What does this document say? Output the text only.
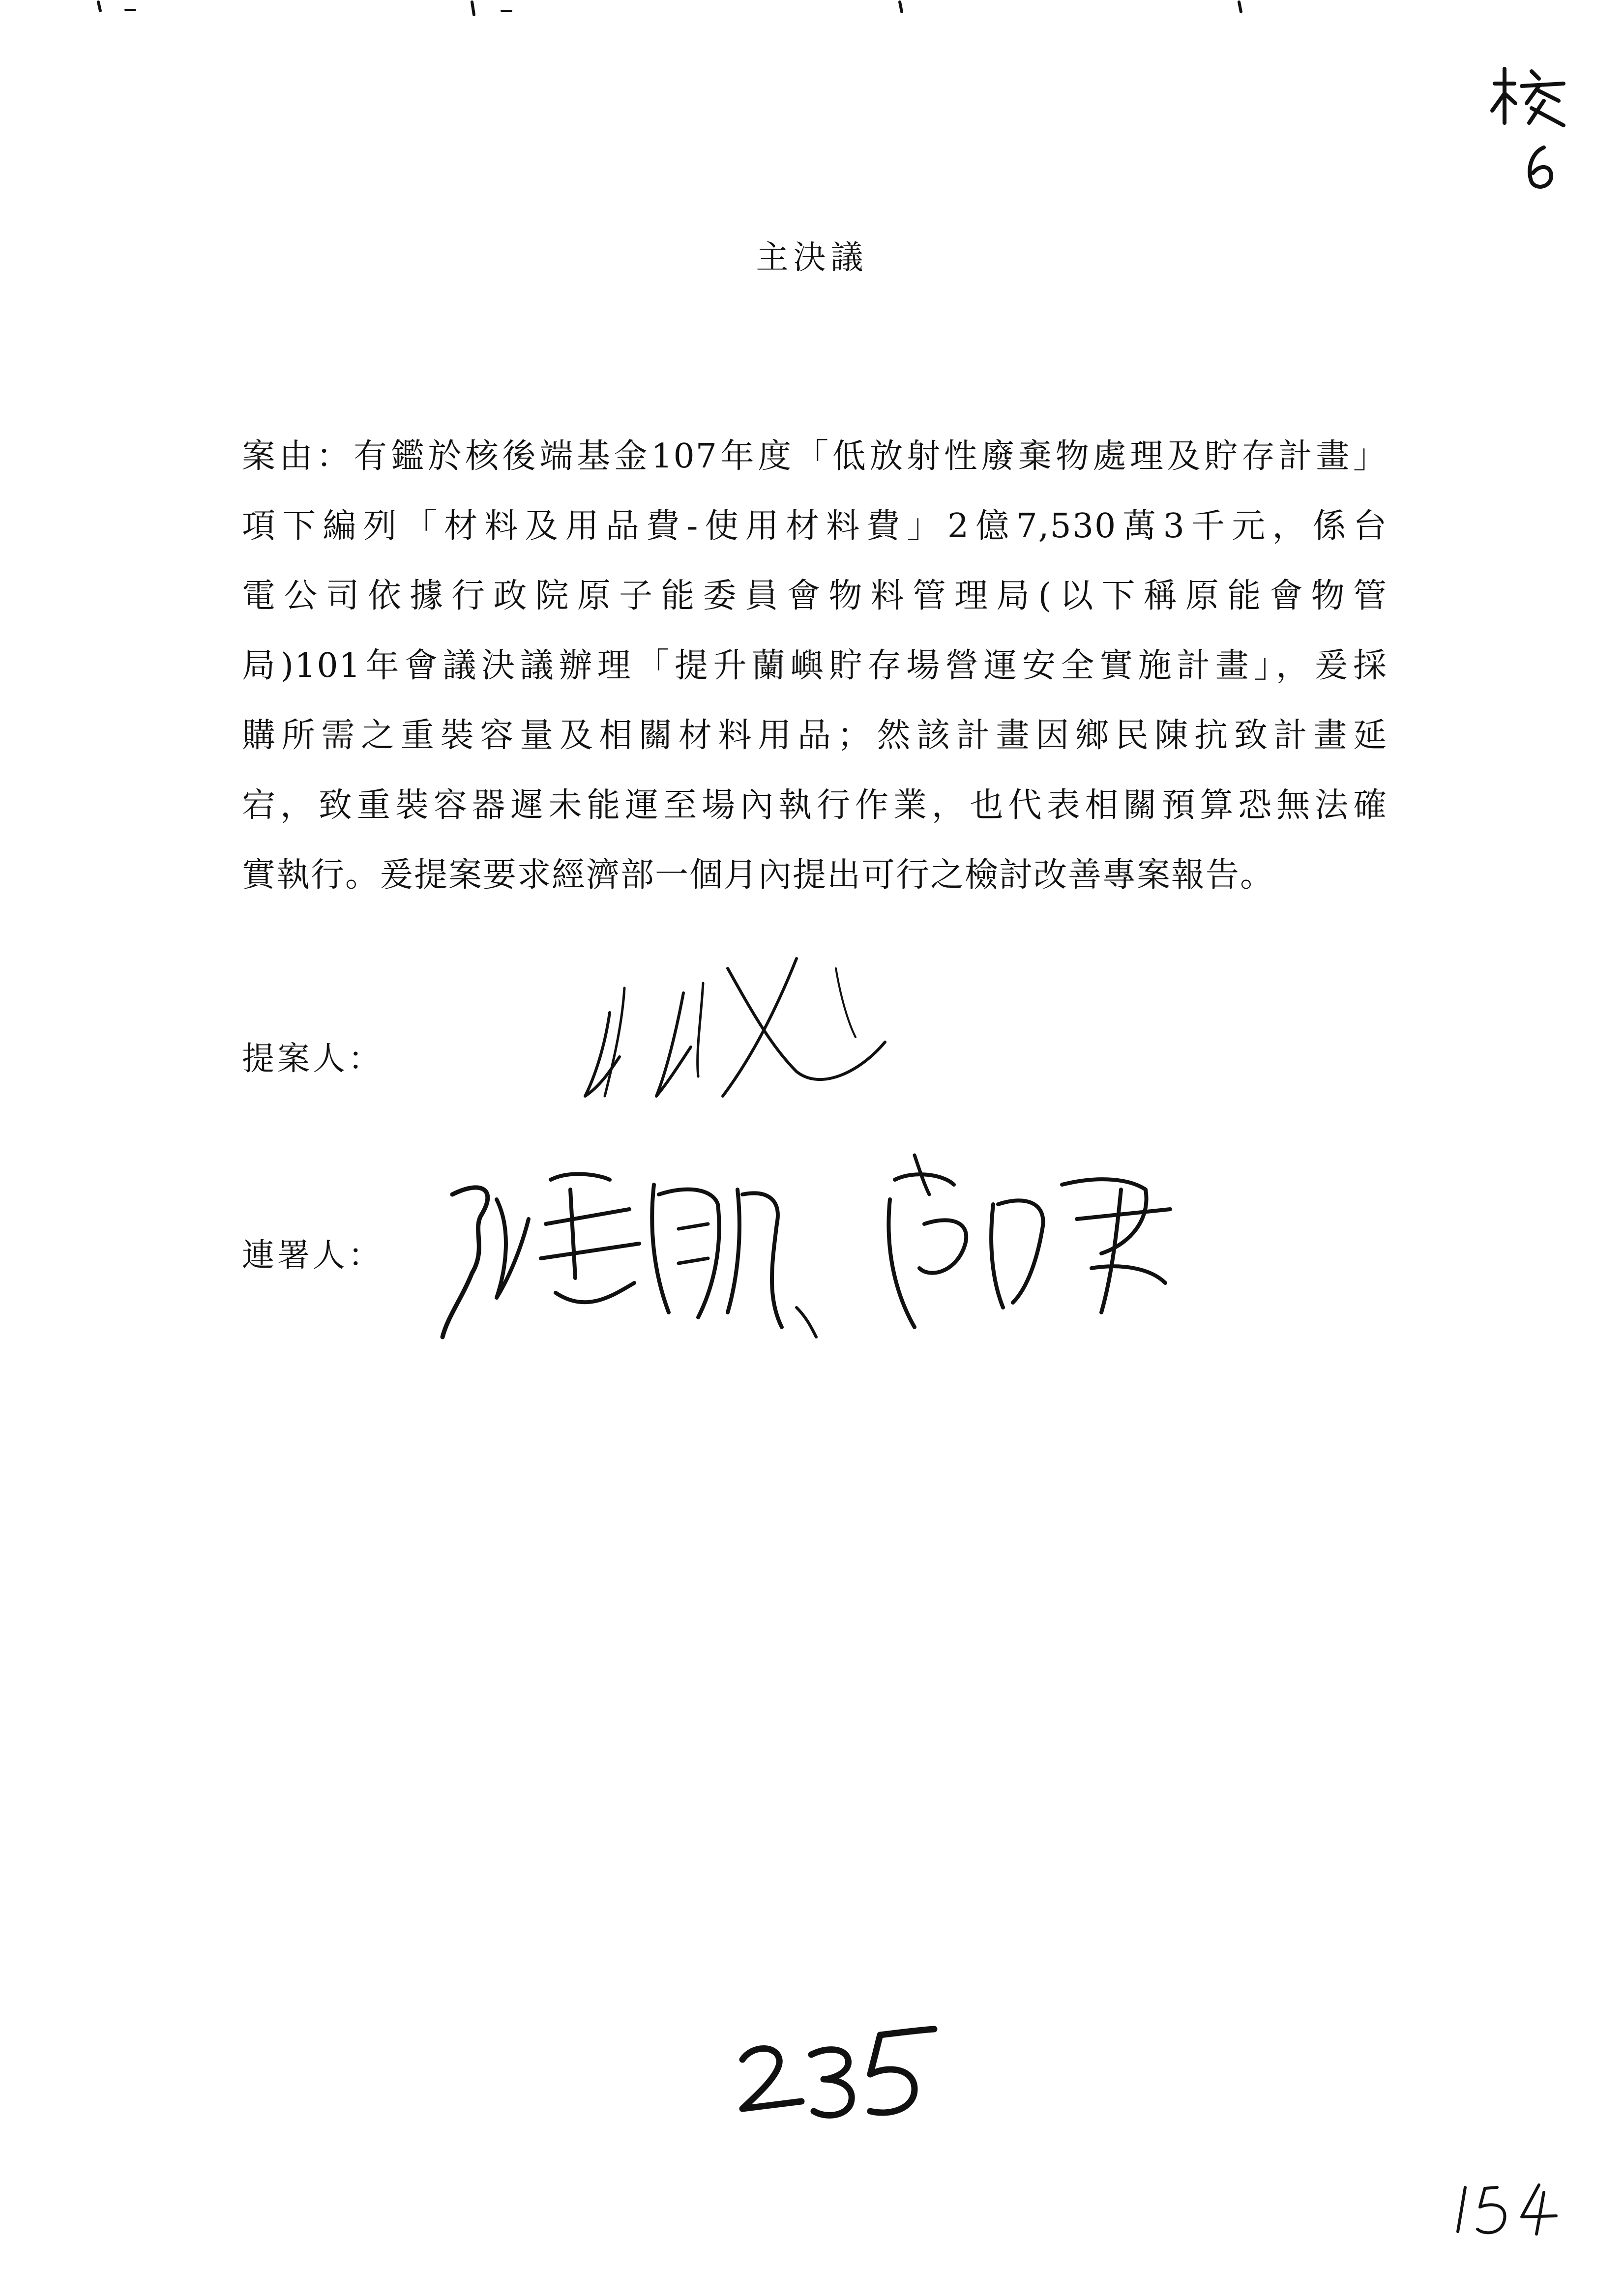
主決議

案由：有鑑於核後端基金107年度「低放射性廢棄物處理及貯存計畫」
項下編列「材料及用品費-使用材料費」2億7,530萬3千元，係台
電公司依據行政院原子能委員會物料管理局(以下稱原能會物管
局)101年會議決議辦理「提升蘭嶼貯存場營運安全實施計畫」，爰採
購所需之重裝容量及相關材料用品；然該計畫因鄉民陳抗致計畫延
宕，致重裝容器遲未能運至場內執行作業，也代表相關預算恐無法確
實執行。爰提案要求經濟部一個月內提出可行之檢討改善專案報告。

提案人：
連署人：
